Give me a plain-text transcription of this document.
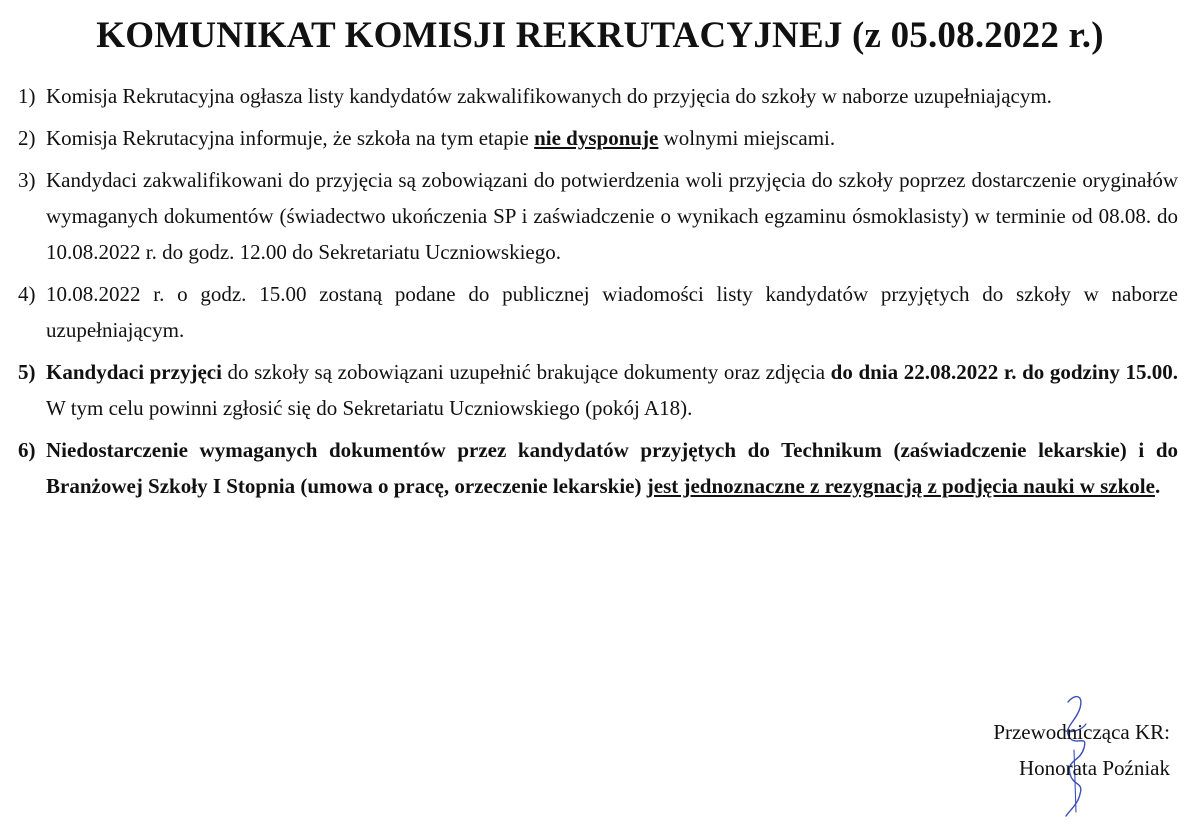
KOMUNIKAT KOMISJI REKRUTACYJNEJ (z 05.08.2022 r.)
1) Komisja Rekrutacyjna ogłasza listy kandydatów zakwalifikowanych do przyjęcia do szkoły w naborze uzupełniającym.
2) Komisja Rekrutacyjna informuje, że szkoła na tym etapie nie dysponuje wolnymi miejscami.
3) Kandydaci zakwalifikowani do przyjęcia są zobowiązani do potwierdzenia woli przyjęcia do szkoły poprzez dostarczenie oryginałów wymaganych dokumentów (świadectwo ukończenia SP i zaświadczenie o wynikach egzaminu ósmoklasisty) w terminie od 08.08. do 10.08.2022 r. do godz. 12.00 do Sekretariatu Uczniowskiego.
4) 10.08.2022 r. o godz. 15.00 zostaną podane do publicznej wiadomości listy kandydatów przyjętych do szkoły w naborze uzupełniającym.
5) Kandydaci przyjęci do szkoły są zobowiązani uzupełnić brakujące dokumenty oraz zdjęcia do dnia 22.08.2022 r. do godziny 15.00. W tym celu powinni zgłosić się do Sekretariatu Uczniowskiego (pokój A18).
6) Niedostarczenie wymaganych dokumentów przez kandydatów przyjętych do Technikum (zaświadczenie lekarskie) i do Branżowej Szkoły I Stopnia (umowa o pracę, orzeczenie lekarskie) jest jednoznaczne z rezygnacją z podjęcia nauki w szkole.
Przewodnicząca KR:
Honorata Poźniak
